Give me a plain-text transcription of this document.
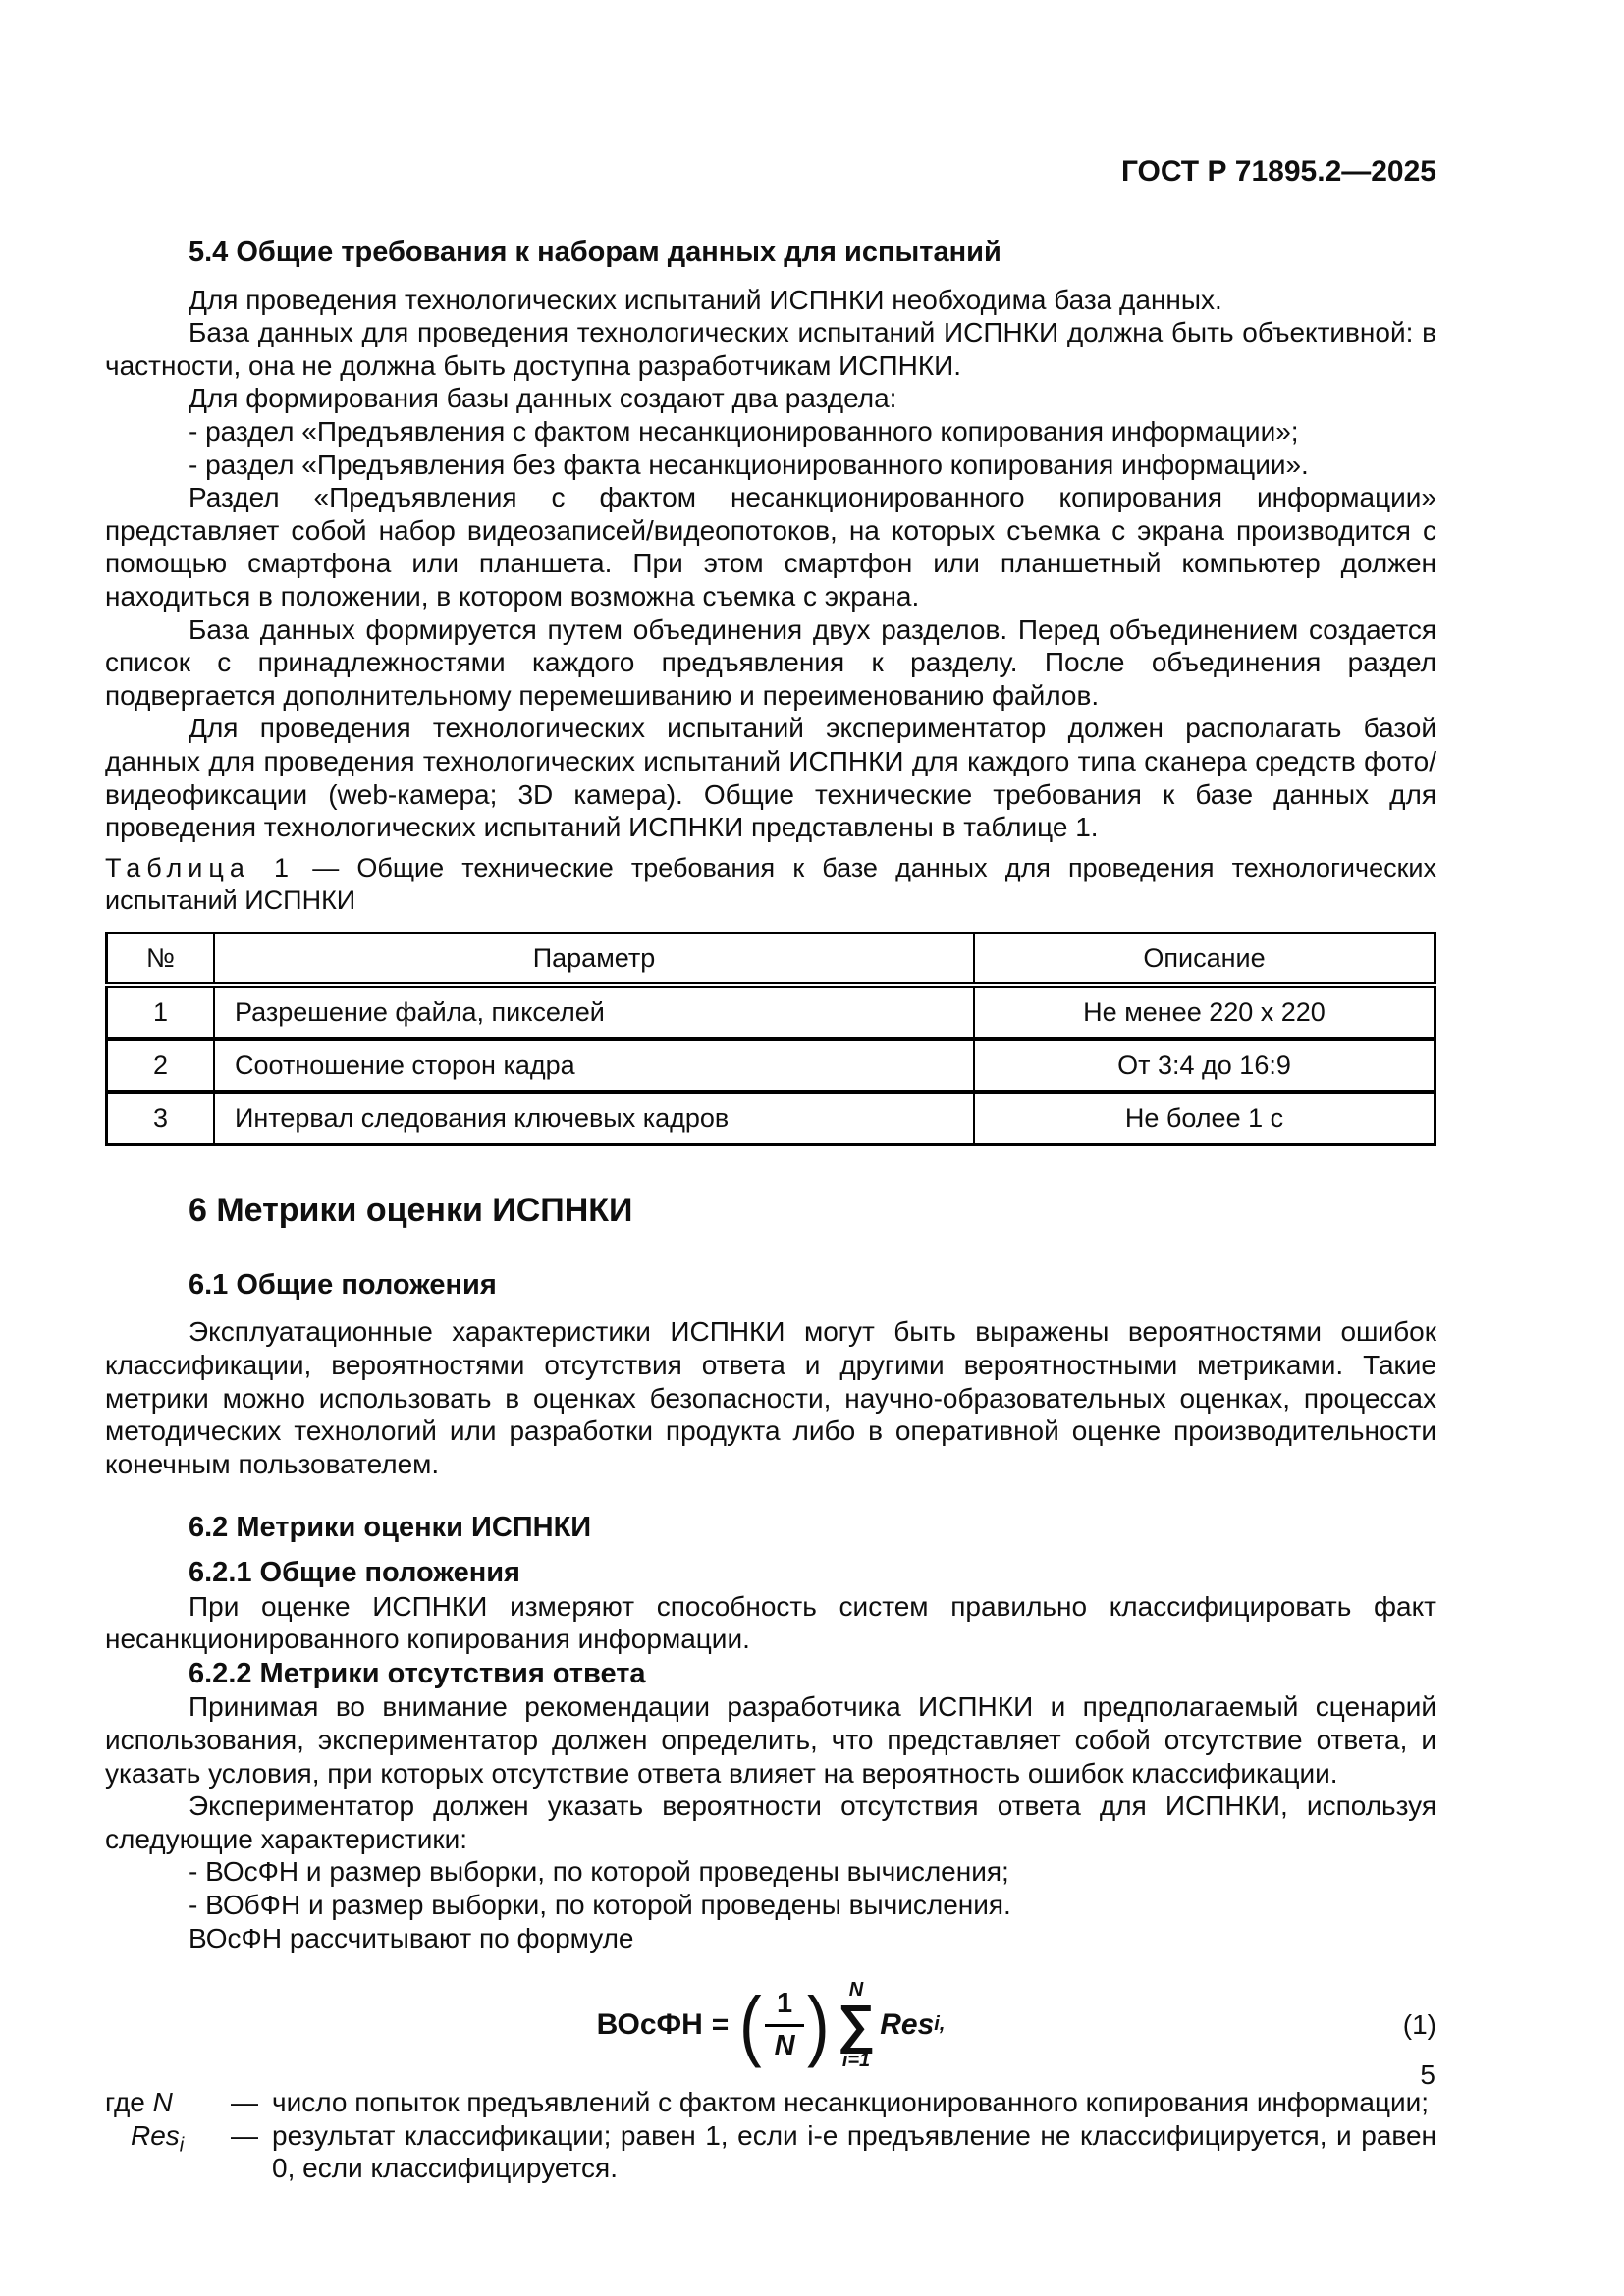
ГОСТ Р 71895.2—2025

5.4 Общие требования к наборам данных для испытаний

Для проведения технологических испытаний ИСПНКИ необходима база данных.

База данных для проведения технологических испытаний ИСПНКИ должна быть объективной: в частности, она не должна быть доступна разработчикам ИСПНКИ.

Для формирования базы данных создают два раздела:

- раздел «Предъявления с фактом несанкционированного копирования информации»;

- раздел «Предъявления без факта несанкционированного копирования информации».

Раздел «Предъявления с фактом несанкционированного копирования информации» представляет собой набор видеозаписей/видеопотоков, на которых съемка с экрана производится с помощью смартфона или планшета. При этом смартфон или планшетный компьютер должен находиться в положении, в котором возможна съемка с экрана.

База данных формируется путем объединения двух разделов. Перед объединением создается список с принадлежностями каждого предъявления к разделу. После объединения раздел подвергается дополнительному перемешиванию и переименованию файлов.

Для проведения технологических испытаний экспериментатор должен располагать базой данных для проведения технологических испытаний ИСПНКИ для каждого типа сканера средств фото/видеофиксации (web-камера; 3D камера). Общие технические требования к базе данных для проведения технологических испытаний ИСПНКИ представлены в таблице 1.

Таблица 1 — Общие технические требования к базе данных для проведения технологических испытаний ИСПНКИ

№	Параметр	Описание
1	Разрешение файла, пикселей	Не менее 220 x 220
2	Соотношение сторон кадра	От 3:4 до 16:9
3	Интервал следования ключевых кадров	Не более 1 с

6 Метрики оценки ИСПНКИ

6.1 Общие положения

Эксплуатационные характеристики ИСПНКИ могут быть выражены вероятностями ошибок классификации, вероятностями отсутствия ответа и другими вероятностными метриками. Такие метрики можно использовать в оценках безопасности, научно-образовательных оценках, процессах методических технологий или разработки продукта либо в оперативной оценке производительности конечным пользователем.

6.2 Метрики оценки ИСПНКИ

6.2.1 Общие положения

При оценке ИСПНКИ измеряют способность систем правильно классифицировать факт несанкционированного копирования информации.

6.2.2 Метрики отсутствия ответа

Принимая во внимание рекомендации разработчика ИСПНКИ и предполагаемый сценарий использования, экспериментатор должен определить, что представляет собой отсутствие ответа, и указать условия, при которых отсутствие ответа влияет на вероятность ошибок классификации.

Экспериментатор должен указать вероятности отсутствия ответа для ИСПНКИ, используя следующие характеристики:

- ВОсФН и размер выборки, по которой проведены вычисления;

- ВОбФН и размер выборки, по которой проведены вычисления.

ВОсФН рассчитывают по формуле

ВОсФН = ( $\frac{1}{N}$ ) N
∑
i=1
Res i,	(1)
где N	— число попыток предъявлений с фактом несанкционированного копирования информации;
Res$_i$	— результат классификации; равен 1, если i-е предъявление не классифицируется, и равен 0, если классифицируется.
5
